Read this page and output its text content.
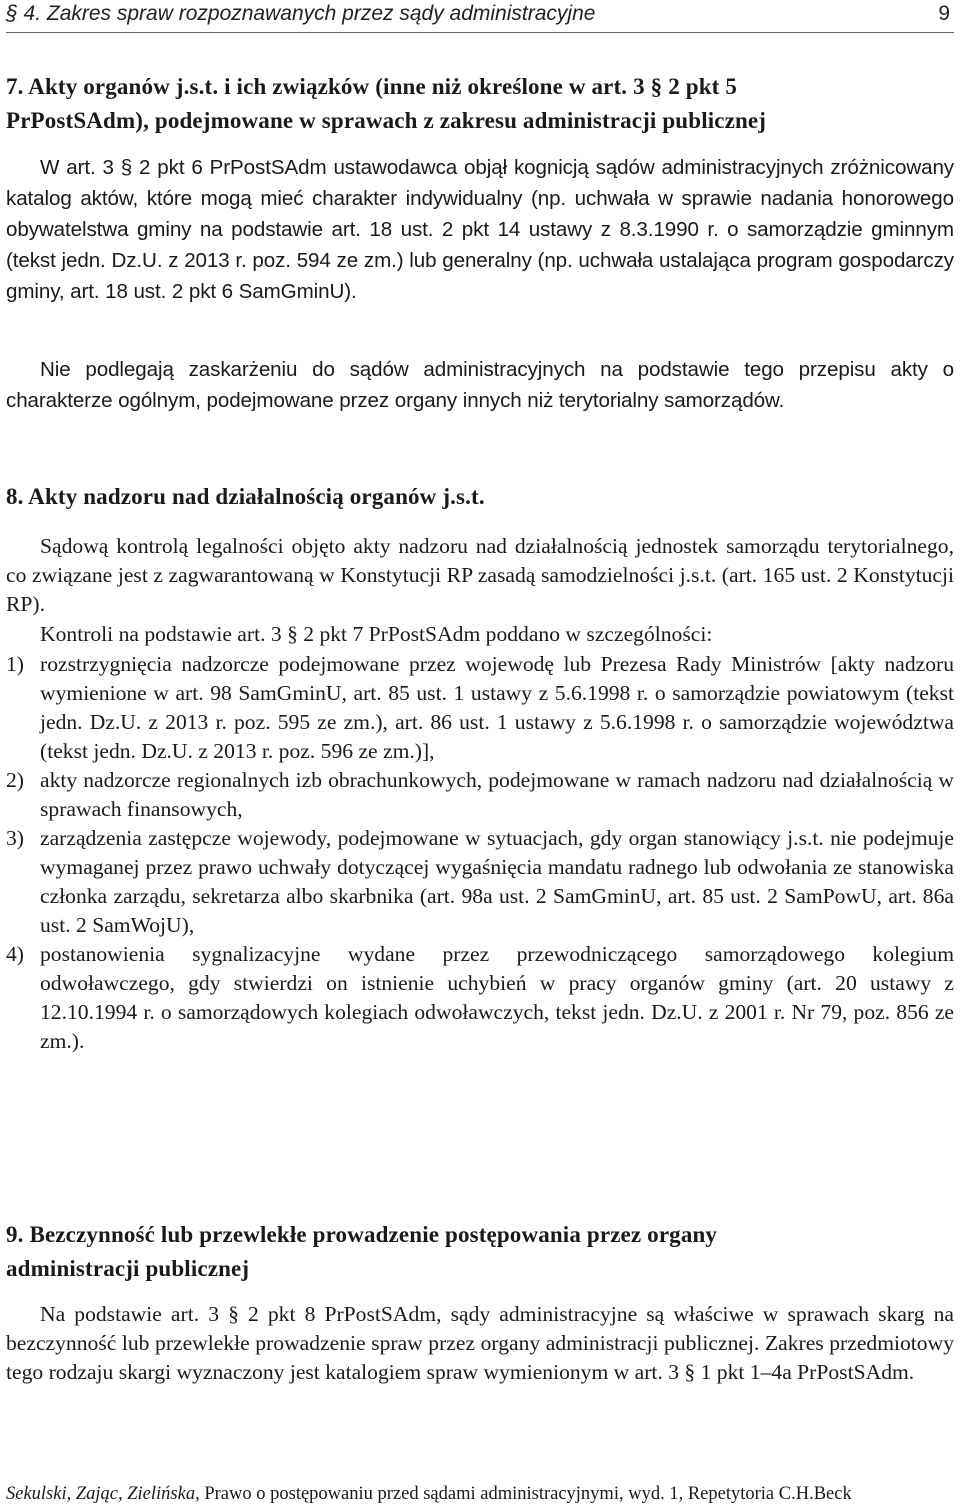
§ 4. Zakres spraw rozpoznawanych przez sądy administracyjne	9
7. Akty organów j.s.t. i ich związków (inne niż określone w art. 3 § 2 pkt 5
PrPostSAdm), podejmowane w sprawach z zakresu administracji publicznej
W art. 3 § 2 pkt 6 PrPostSAdm ustawodawca objął kognicją sądów administracyjnych zróżnicowany katalog aktów, które mogą mieć charakter indywidualny (np. uchwała w sprawie nadania honorowego obywatelstwa gminy na podstawie art. 18 ust. 2 pkt 14 ustawy z 8.3.1990 r. o samorządzie gminnym (tekst jedn. Dz.U. z 2013 r. poz. 594 ze zm.) lub generalny (np. uchwała ustalająca program gospodarczy gminy, art. 18 ust. 2 pkt 6 SamGminU).
Nie podlegają zaskarżeniu do sądów administracyjnych na podstawie tego przepisu akty o charakterze ogólnym, podejmowane przez organy innych niż terytorialny samorządów.
8. Akty nadzoru nad działalnością organów j.s.t.
Sądową kontrolą legalności objęto akty nadzoru nad działalnością jednostek samorządu terytorialnego, co związane jest z zagwarantowaną w Konstytucji RP zasadą samodzielności j.s.t. (art. 165 ust. 2 Konstytucji RP).
Kontroli na podstawie art. 3 § 2 pkt 7 PrPostSAdm poddano w szczególności:
1) rozstrzygnięcia nadzorcze podejmowane przez wojewodę lub Prezesa Rady Ministrów [akty nadzoru wymienione w art. 98 SamGminU, art. 85 ust. 1 ustawy z 5.6.1998 r. o samorządzie powiatowym (tekst jedn. Dz.U. z 2013 r. poz. 595 ze zm.), art. 86 ust. 1 ustawy z 5.6.1998 r. o samorządzie województwa (tekst jedn. Dz.U. z 2013 r. poz. 596 ze zm.)],
2) akty nadzorcze regionalnych izb obrachunkowych, podejmowane w ramach nadzoru nad działalnością w sprawach finansowych,
3) zarządzenia zastępcze wojewody, podejmowane w sytuacjach, gdy organ stanowiący j.s.t. nie podejmuje wymaganej przez prawo uchwały dotyczącej wygaśnięcia mandatu radnego lub odwołania ze stanowiska członka zarządu, sekretarza albo skarbnika (art. 98a ust. 2 SamGminU, art. 85 ust. 2 SamPowU, art. 86a ust. 2 SamWojU),
4) postanowienia sygnalizacyjne wydane przez przewodniczącego samorządowego kolegium odwoławczego, gdy stwierdzi on istnienie uchybień w pracy organów gminy (art. 20 ustawy z 12.10.1994 r. o samorządowych kolegiach odwoławczych, tekst jedn. Dz.U. z 2001 r. Nr 79, poz. 856 ze zm.).
9. Bezczynność lub przewlekłe prowadzenie postępowania przez organy
administracji publicznej
Na podstawie art. 3 § 2 pkt 8 PrPostSAdm, sądy administracyjne są właściwe w sprawach skarg na bezczynność lub przewlekłe prowadzenie spraw przez organy administracji publicznej. Zakres przedmiotowy tego rodzaju skargi wyznaczony jest katalogiem spraw wymienionym w art. 3 § 1 pkt 1–4a PrPostSAdm.
Sekulski, Zając, Zielińska, Prawo o postępowaniu przed sądami administracyjnymi, wyd. 1, Repetytoria C.H.Beck
